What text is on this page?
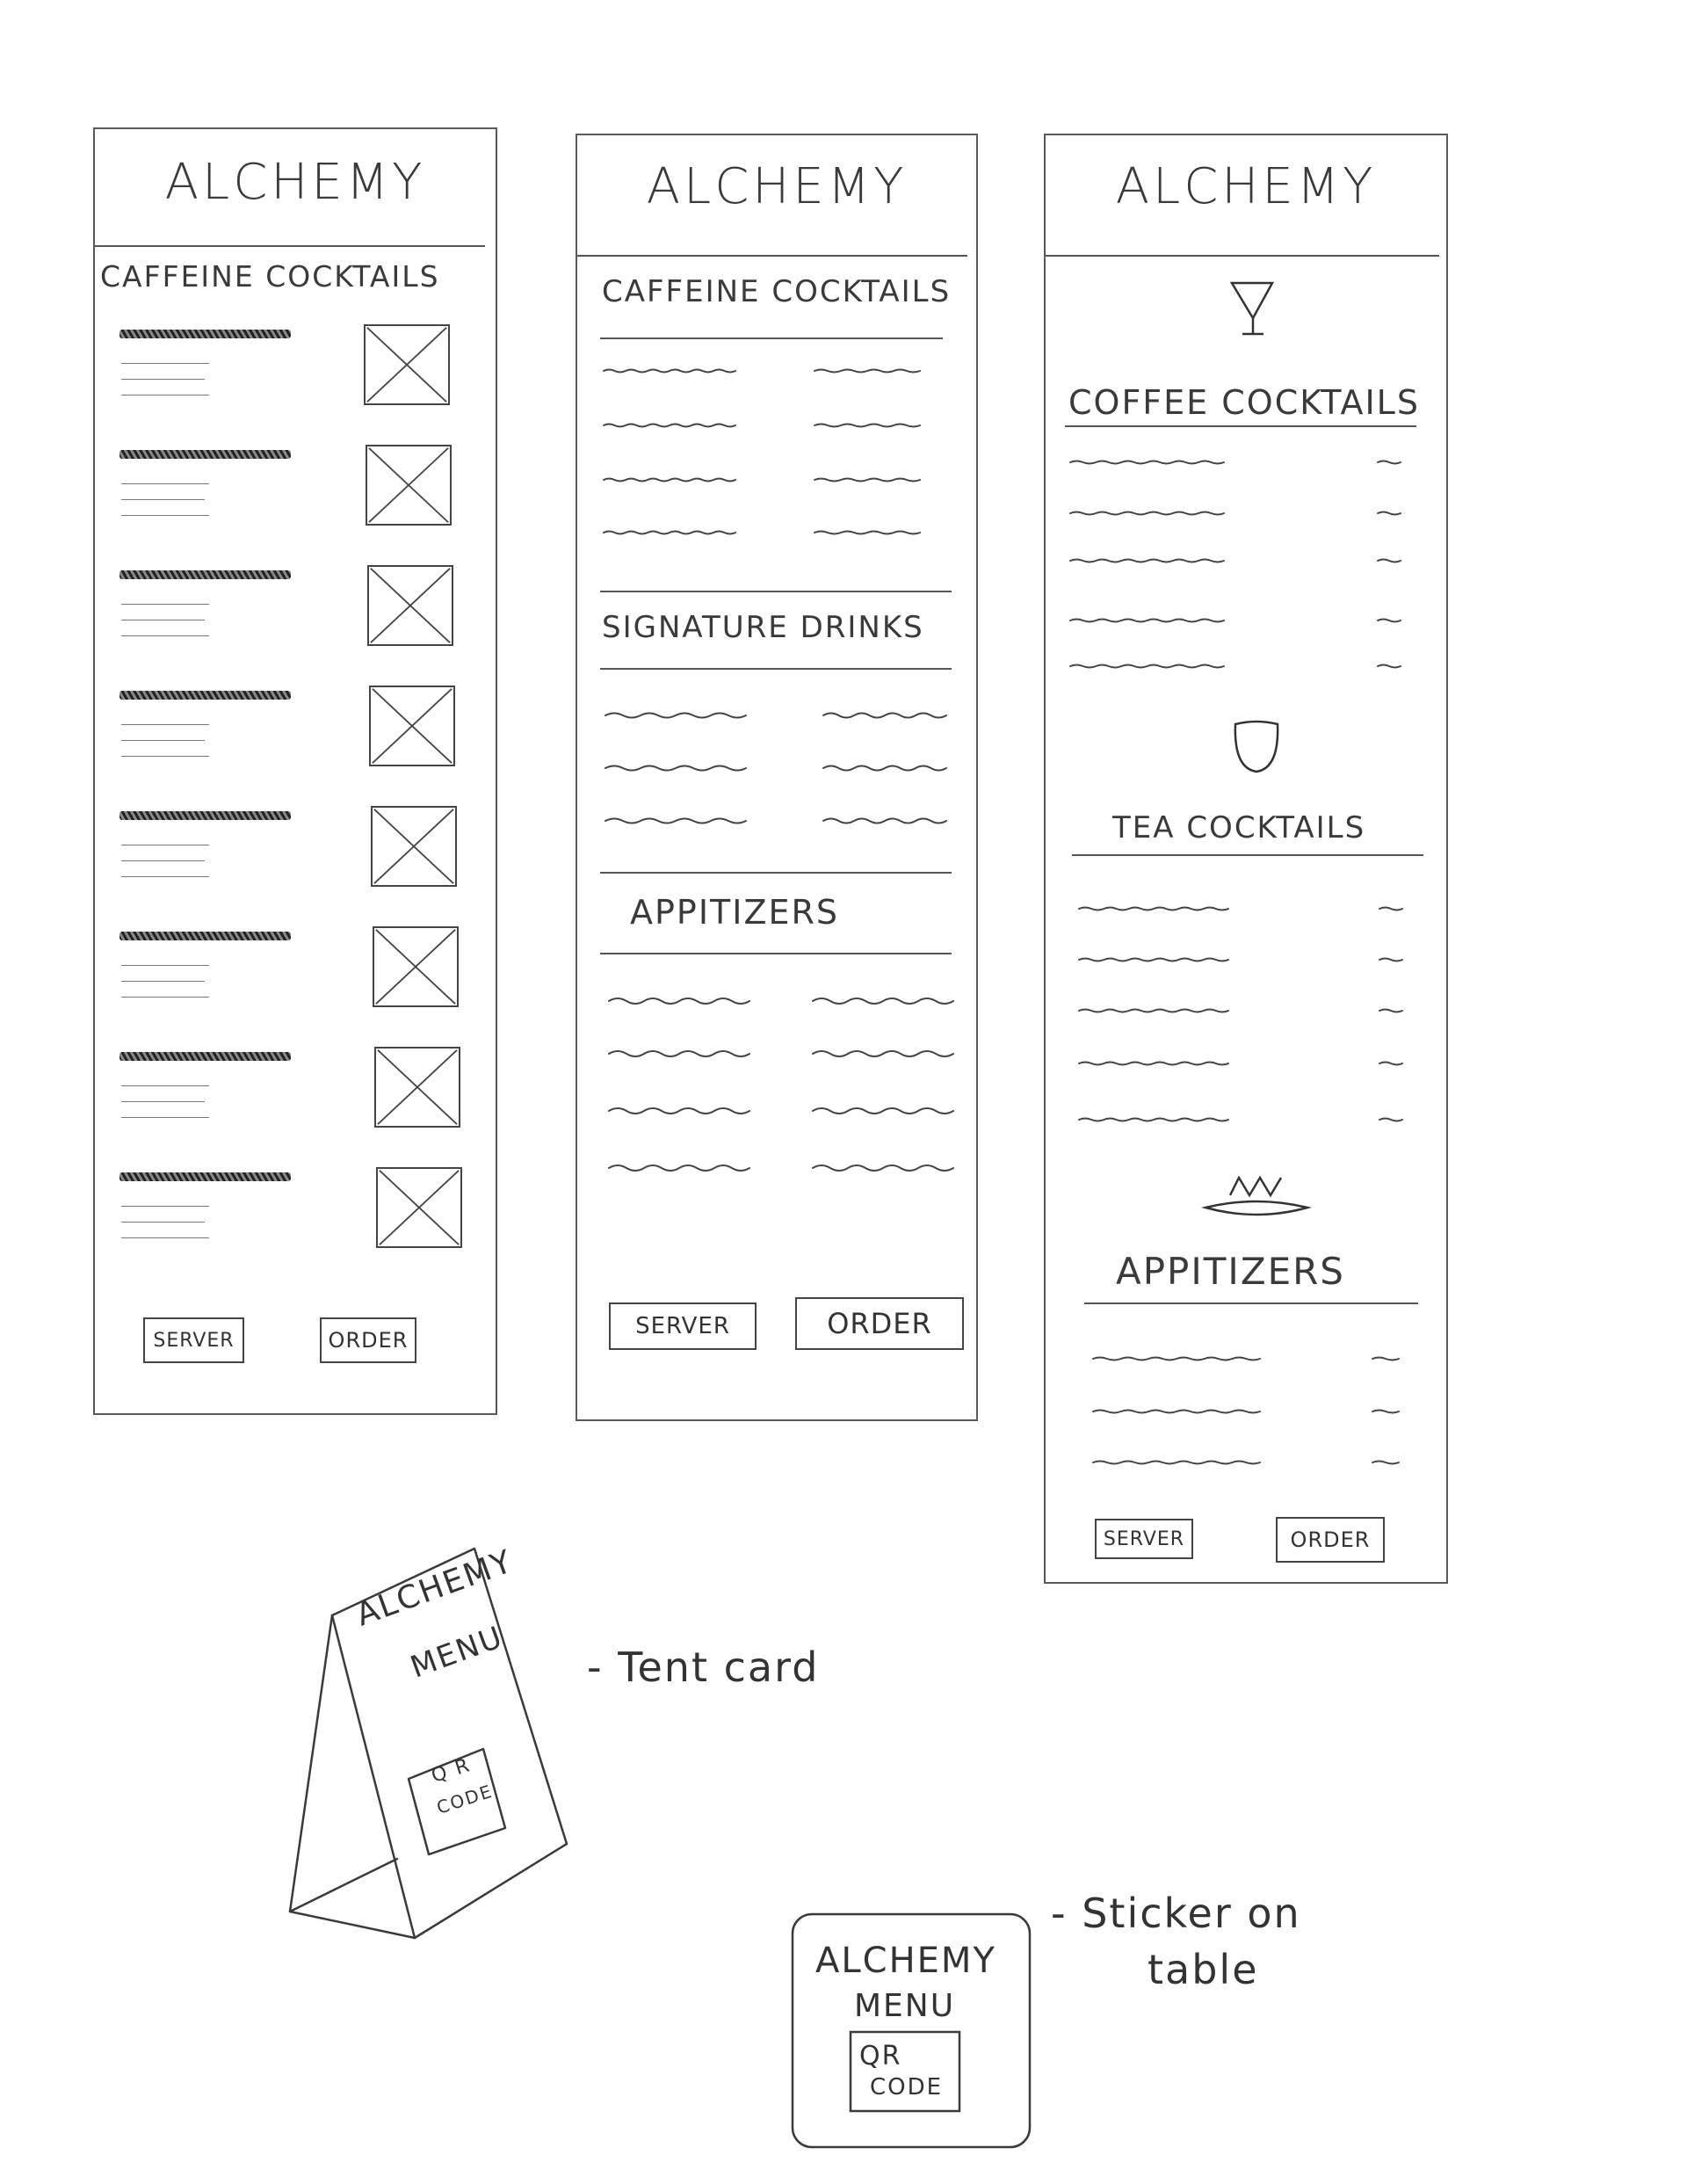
ALCHEMY
CAFFEINE COCKTAILS
SERVER	ORDER
ALCHEMY
CAFFEINE COCKTAILS
SIGNATURE DRINKS
APPITIZERS
SERVER	ORDER
ALCHEMY
COFFEE COCKTAILS
TEA COCKTAILS
APPITIZERS
SERVER	ORDER
ALCHEMY
MENU
Q R
CODE
- Tent card
ALCHEMY
MENU
QR
CODE
- Sticker on
table
